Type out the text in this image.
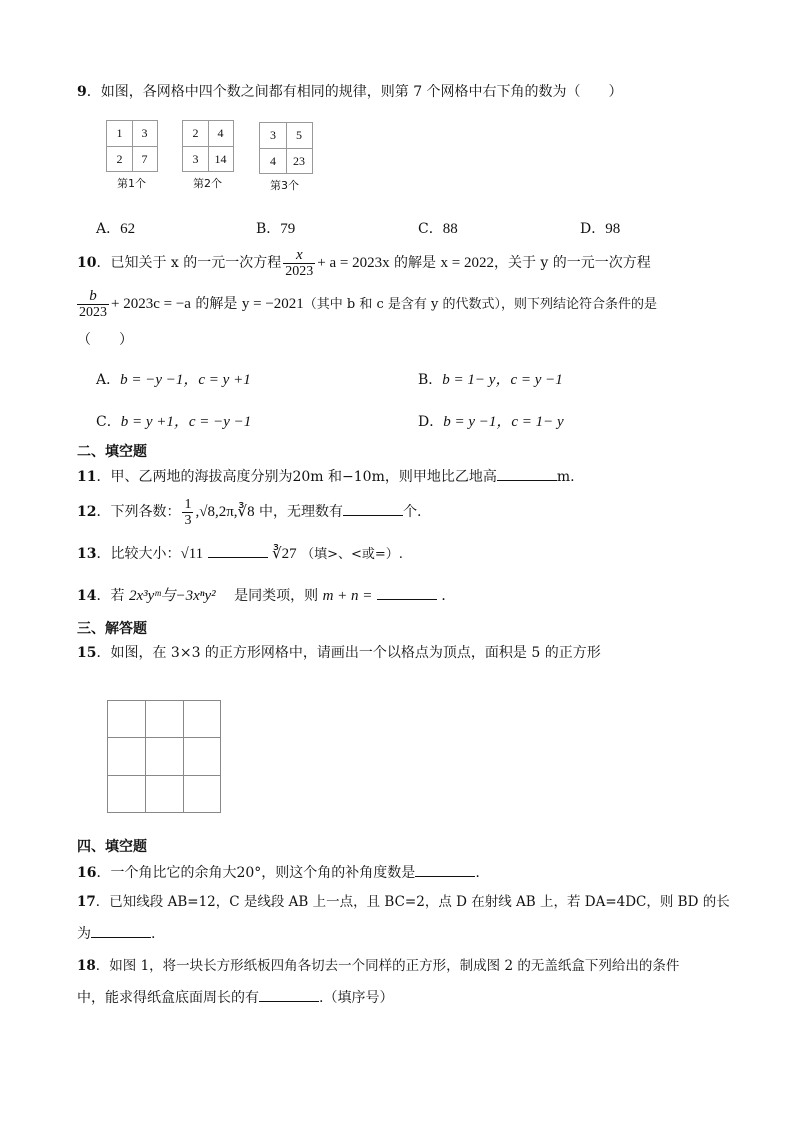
9．如图，各网格中四个数之间都有相同的规律，则第 7 个网格中右下角的数为（　　）
1	3
2	7
第1个
2	4
3	14
第2个
3	5
4	23
第3个
A．62	B．79	C．88	D．98
10．已知关于 x 的一元一次方程 $\frac{x}{2023} + a = 2023x$ 的解是 x = 2022，关于 y 的一元一次方程
$\frac{b}{2023} + 2023c = -a$ 的解是 y = −2021（其中 b 和 c 是含有 y 的代数式），则下列结论符合条件的是
（　　）
A．b = −y −1，c = y +1	B．b = 1− y，c = y −1
C．b = y +1，c = −y −1	D．b = y −1，c = 1− y
二、填空题
11．甲、乙两地的海拔高度分别为20m 和−10m，则甲地比乙地高	m.
12．下列各数： $\frac{1}{3}$ ,√8,2π,∛8 中，无理数有	个.
13．比较大小：√11	∛27 （填>、<或=）.
14．若 2x³yᵐ与−3xⁿy²　 是同类项，则 m + n =	．
三、解答题
15．如图，在 3×3 的正方形网格中，请画出一个以格点为顶点，面积是 5 的正方形
四、填空题
16．一个角比它的余角大20°，则这个角的补角度数是	.
17．已知线段 AB=12，C 是线段 AB 上一点，且 BC=2，点 D 在射线 AB 上，若 DA=4DC，则 BD 的长
为	.
18．如图 1，将一块长方形纸板四角各切去一个同样的正方形，制成图 2 的无盖纸盒下列给出的条件
中，能求得纸盒底面周长的有	.（填序号）
